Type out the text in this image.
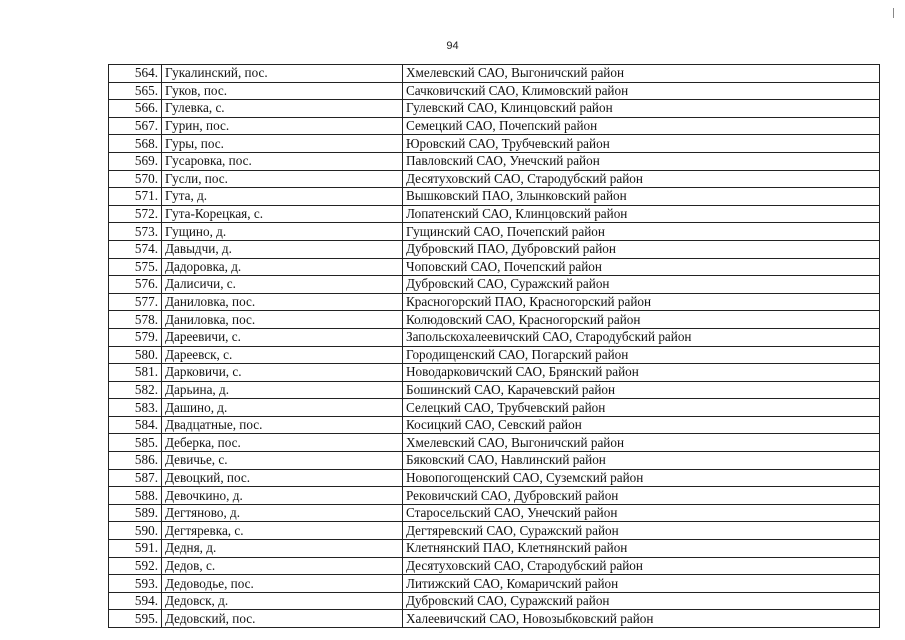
94
564.	Гукалинский, пос.	Хмелевский САО, Выгоничский район
565.	Гуков, пос.	Сачковичский САО, Климовский район
566.	Гулевка, с.	Гулевский САО, Клинцовский район
567.	Гурин, пос.	Семецкий САО, Почепский район
568.	Гуры, пос.	Юровский САО, Трубчевский район
569.	Гусаровка, пос.	Павловский САО, Унечский район
570.	Гусли, пос.	Десятуховский САО, Стародубский район
571.	Гута, д.	Вышковский ПАО, Злынковский район
572.	Гута-Корецкая, с.	Лопатенский САО, Клинцовский район
573.	Гущино, д.	Гущинский САО, Почепский район
574.	Давыдчи, д.	Дубровский ПАО, Дубровский район
575.	Дадоровка, д.	Чоповский САО, Почепский район
576.	Далисичи, с.	Дубровский САО, Суражский район
577.	Даниловка, пос.	Красногорский ПАО, Красногорский район
578.	Даниловка, пос.	Колюдовский САО, Красногорский район
579.	Дареевичи, с.	Запольскохалеевичский САО, Стародубский район
580.	Дареевск, с.	Городищенский САО, Погарский район
581.	Дарковичи, с.	Новодарковичский САО, Брянский район
582.	Дарьина, д.	Бошинский САО, Карачевский район
583.	Дашино, д.	Селецкий САО, Трубчевский район
584.	Двадцатные, пос.	Косицкий САО, Севский район
585.	Деберка, пос.	Хмелевский САО, Выгоничский район
586.	Девичье, с.	Бяковский САО, Навлинский район
587.	Девоцкий, пос.	Новопогощенский САО, Суземский район
588.	Девочкино, д.	Рековичский САО, Дубровский район
589.	Дегтяново, д.	Старосельский САО, Унечский район
590.	Дегтяревка, с.	Дегтяревский САО, Суражский район
591.	Дедня, д.	Клетнянский ПАО, Клетнянский район
592.	Дедов, с.	Десятуховский САО, Стародубский район
593.	Дедоводье, пос.	Литижский САО, Комаричский район
594.	Дедовск, д.	Дубровский САО, Суражский район
595.	Дедовский, пос.	Халеевичский САО, Новозыбковский район
